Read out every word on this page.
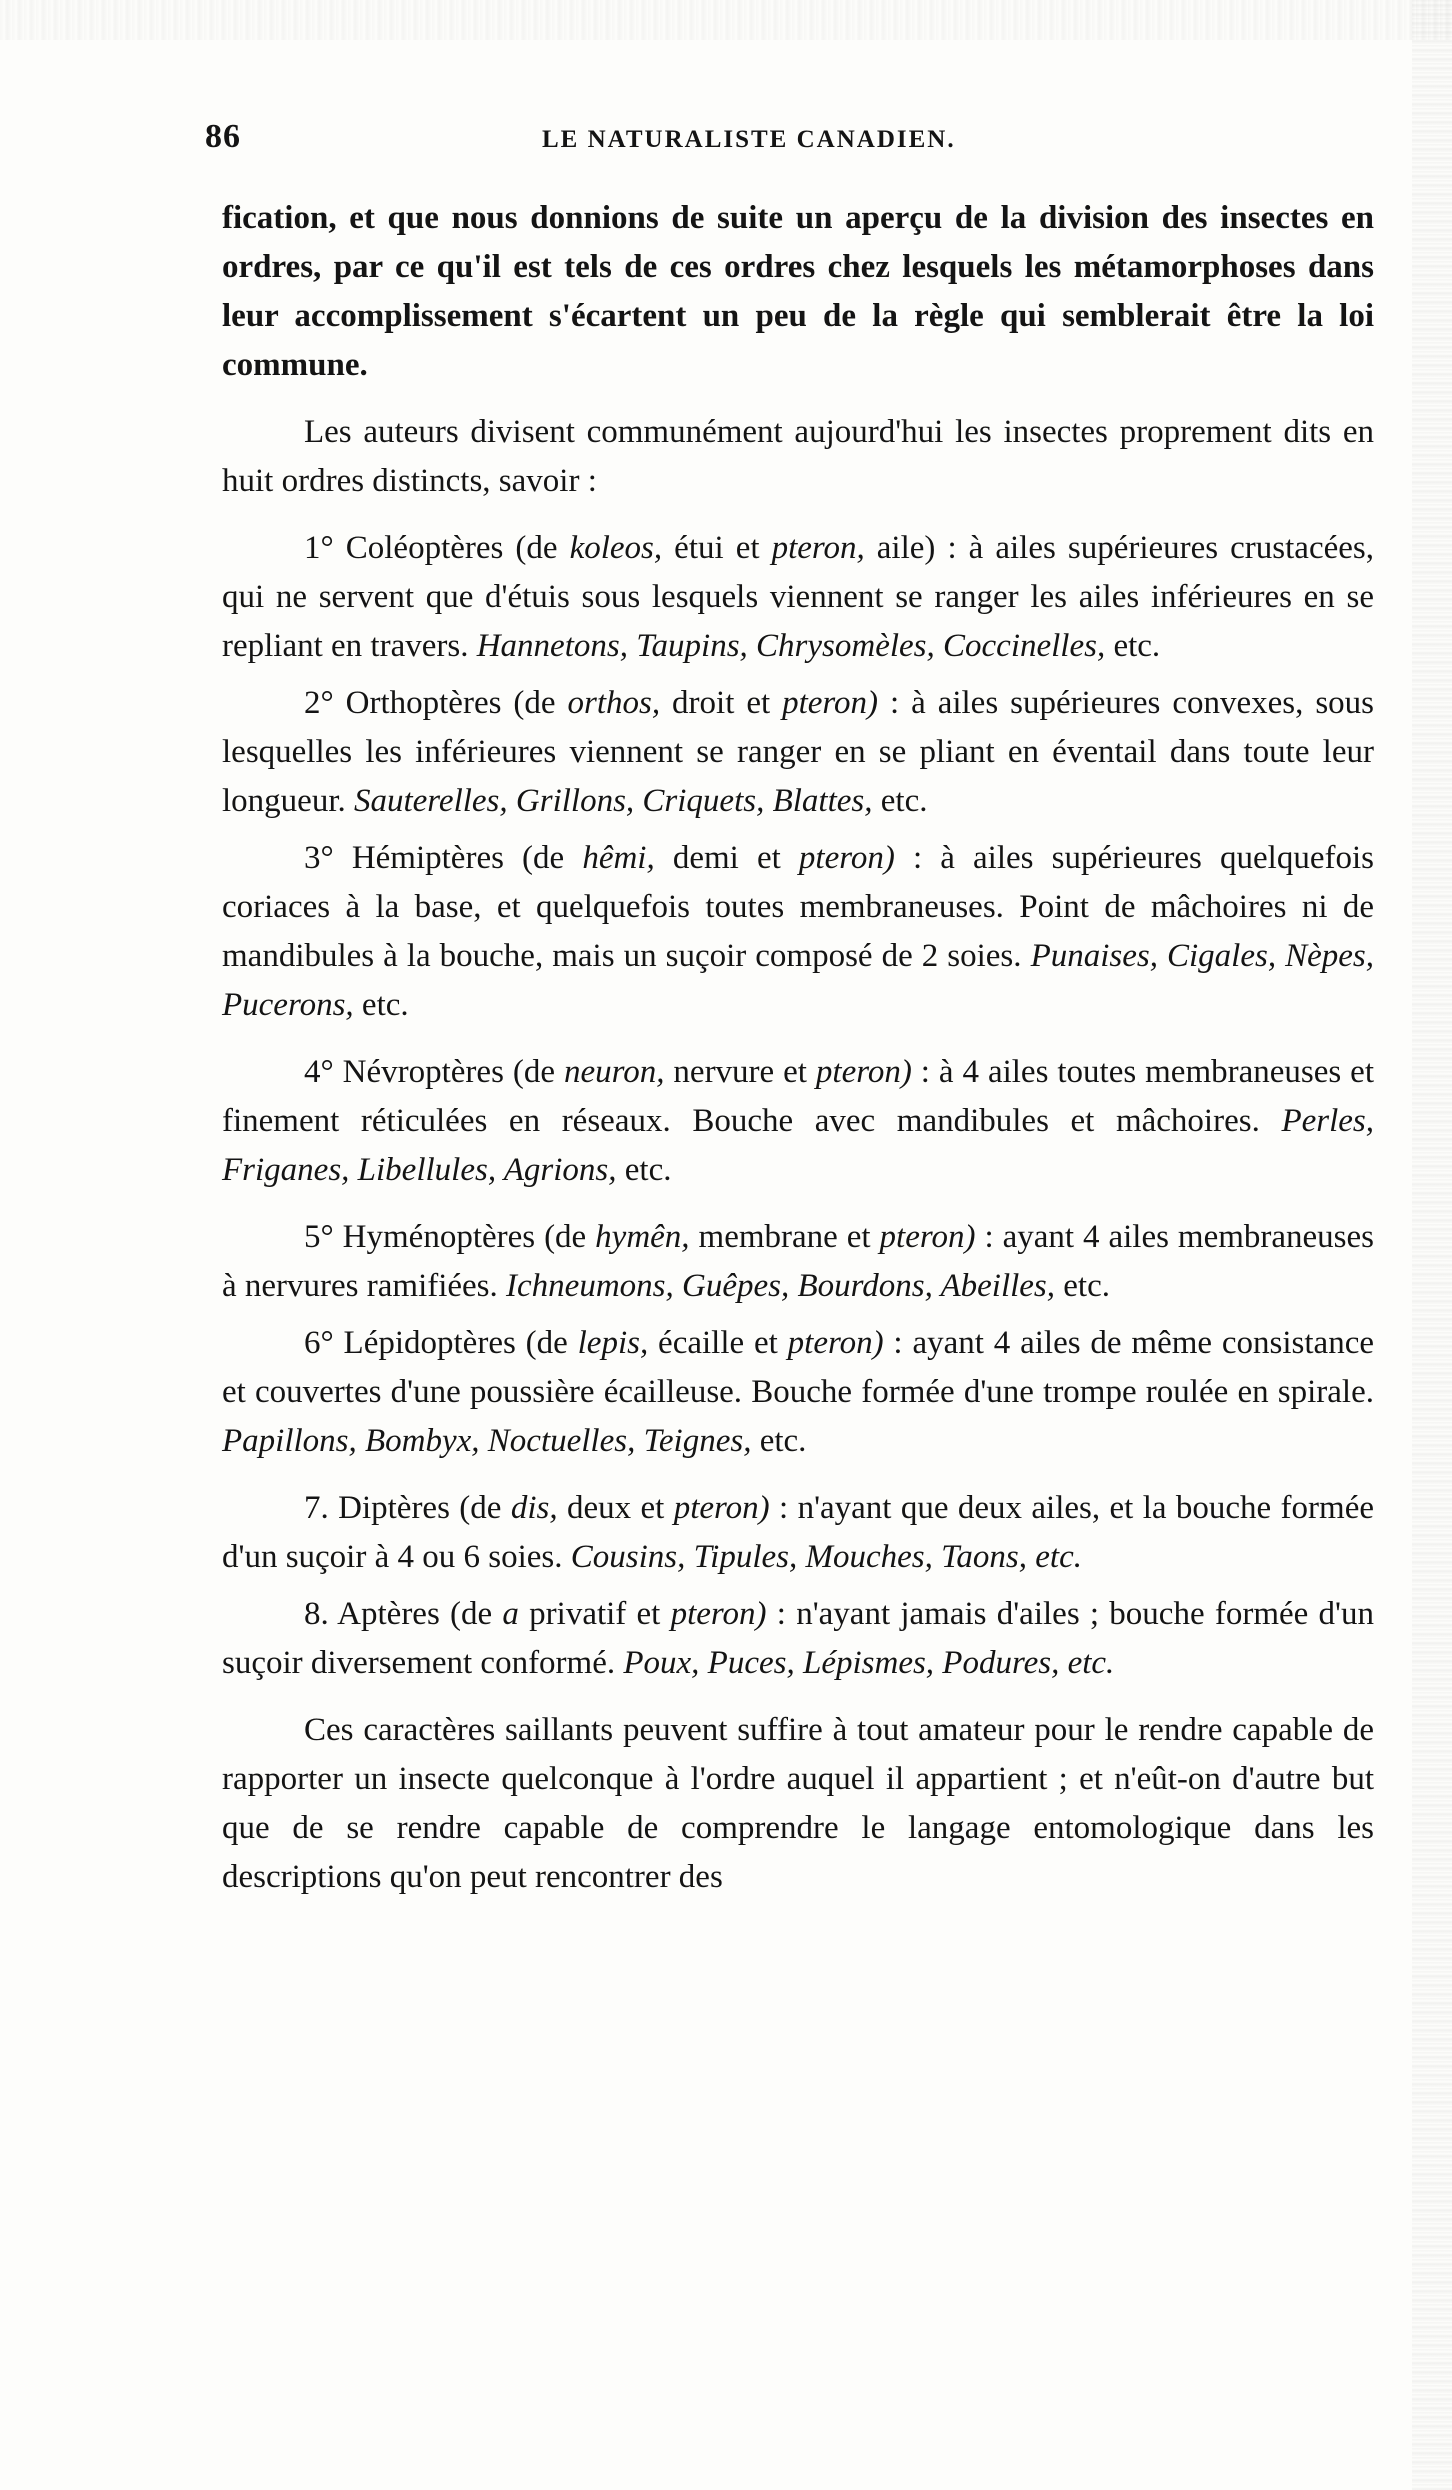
86	LE NATURALISTE CANADIEN.

fication, et que nous donnions de suite un aperçu de la division des insectes en ordres, par ce qu'il est tels de ces ordres chez lesquels les métamorphoses dans leur accomplissement s'écartent un peu de la règle qui semblerait être la loi commune.

Les auteurs divisent communément aujourd'hui les insectes proprement dits en huit ordres distincts, savoir :

1° Coléoptères (de koleos, étui et pteron, aile) : à ailes supérieures crustacées, qui ne servent que d'étuis sous lesquels viennent se ranger les ailes inférieures en se repliant en travers. Hannetons, Taupins, Chrysomèles, Coccinelles, etc.

2° Orthoptères (de orthos, droit et pteron) : à ailes supérieures convexes, sous lesquelles les inférieures viennent se ranger en se pliant en éventail dans toute leur longueur. Sauterelles, Grillons, Criquets, Blattes, etc.

3° Hémiptères (de hêmi, demi et pteron) : à ailes supérieures quelquefois coriaces à la base, et quelquefois toutes membraneuses. Point de mâchoires ni de mandibules à la bouche, mais un suçoir composé de 2 soies. Punaises, Cigales, Nèpes, Pucerons, etc.

4° Névroptères (de neuron, nervure et pteron) : à 4 ailes toutes membraneuses et finement réticulées en réseaux. Bouche avec mandibules et mâchoires. Perles, Friganes, Libellules, Agrions, etc.

5° Hyménoptères (de hymên, membrane et pteron) : ayant 4 ailes membraneuses à nervures ramifiées. Ichneumons, Guêpes, Bourdons, Abeilles, etc.

6° Lépidoptères (de lepis, écaille et pteron) : ayant 4 ailes de même consistance et couvertes d'une poussière écailleuse. Bouche formée d'une trompe roulée en spirale. Papillons, Bombyx, Noctuelles, Teignes, etc.

7. Diptères (de dis, deux et pteron) : n'ayant que deux ailes, et la bouche formée d'un suçoir à 4 ou 6 soies. Cousins, Tipules, Mouches, Taons, etc.

8. Aptères (de a privatif et pteron) : n'ayant jamais d'ailes ; bouche formée d'un suçoir diversement conformé. Poux, Puces, Lépismes, Podures, etc.

Ces caractères saillants peuvent suffire à tout amateur pour le rendre capable de rapporter un insecte quelconque à l'ordre auquel il appartient ; et n'eût-on d'autre but que de se rendre capable de comprendre le langage entomologique dans les descriptions qu'on peut rencontrer des
